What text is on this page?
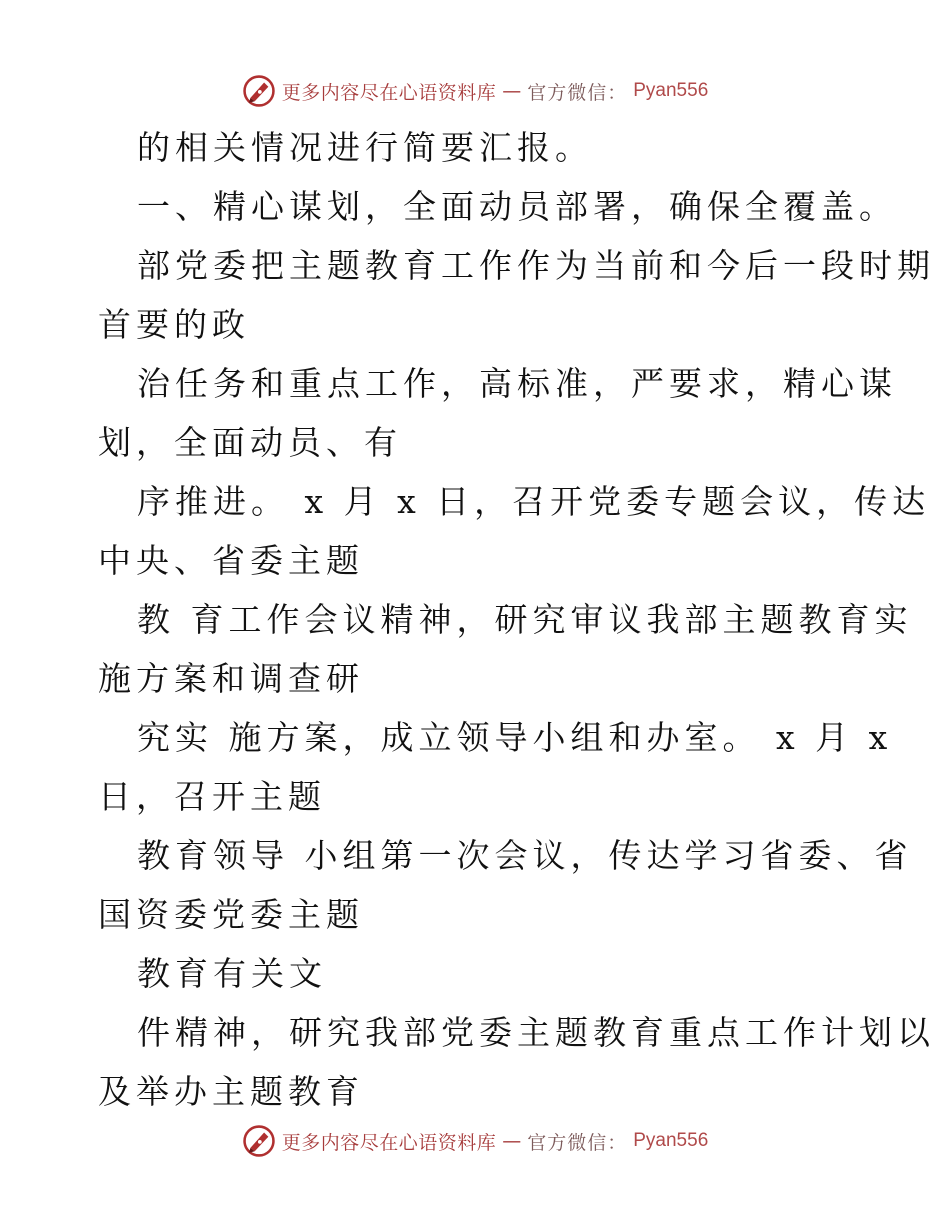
更多内容尽在心语资料库 — 官方微信： Pyan556
的相关情况进行简要汇报。
一、精心谋划，全面动员部署，确保全覆盖。
部党委把主题教育工作作为当前和今后一段时期
首要的政
治任务和重点工作，高标准，严要求，精心谋
划，全面动员、有
序推进。 x 月 x 日，召开党委专题会议，传达
中央、省委主题
教 育工作会议精神，研究审议我部主题教育实
施方案和调查研
究实 施方案，成立领导小组和办室。 x 月 x
日，召开主题
教育领导 小组第一次会议，传达学习省委、省
国资委党委主题
教育有关文
件精神，研究我部党委主题教育重点工作计划以
及举办主题教育
更多内容尽在心语资料库 — 官方微信： Pyan556
